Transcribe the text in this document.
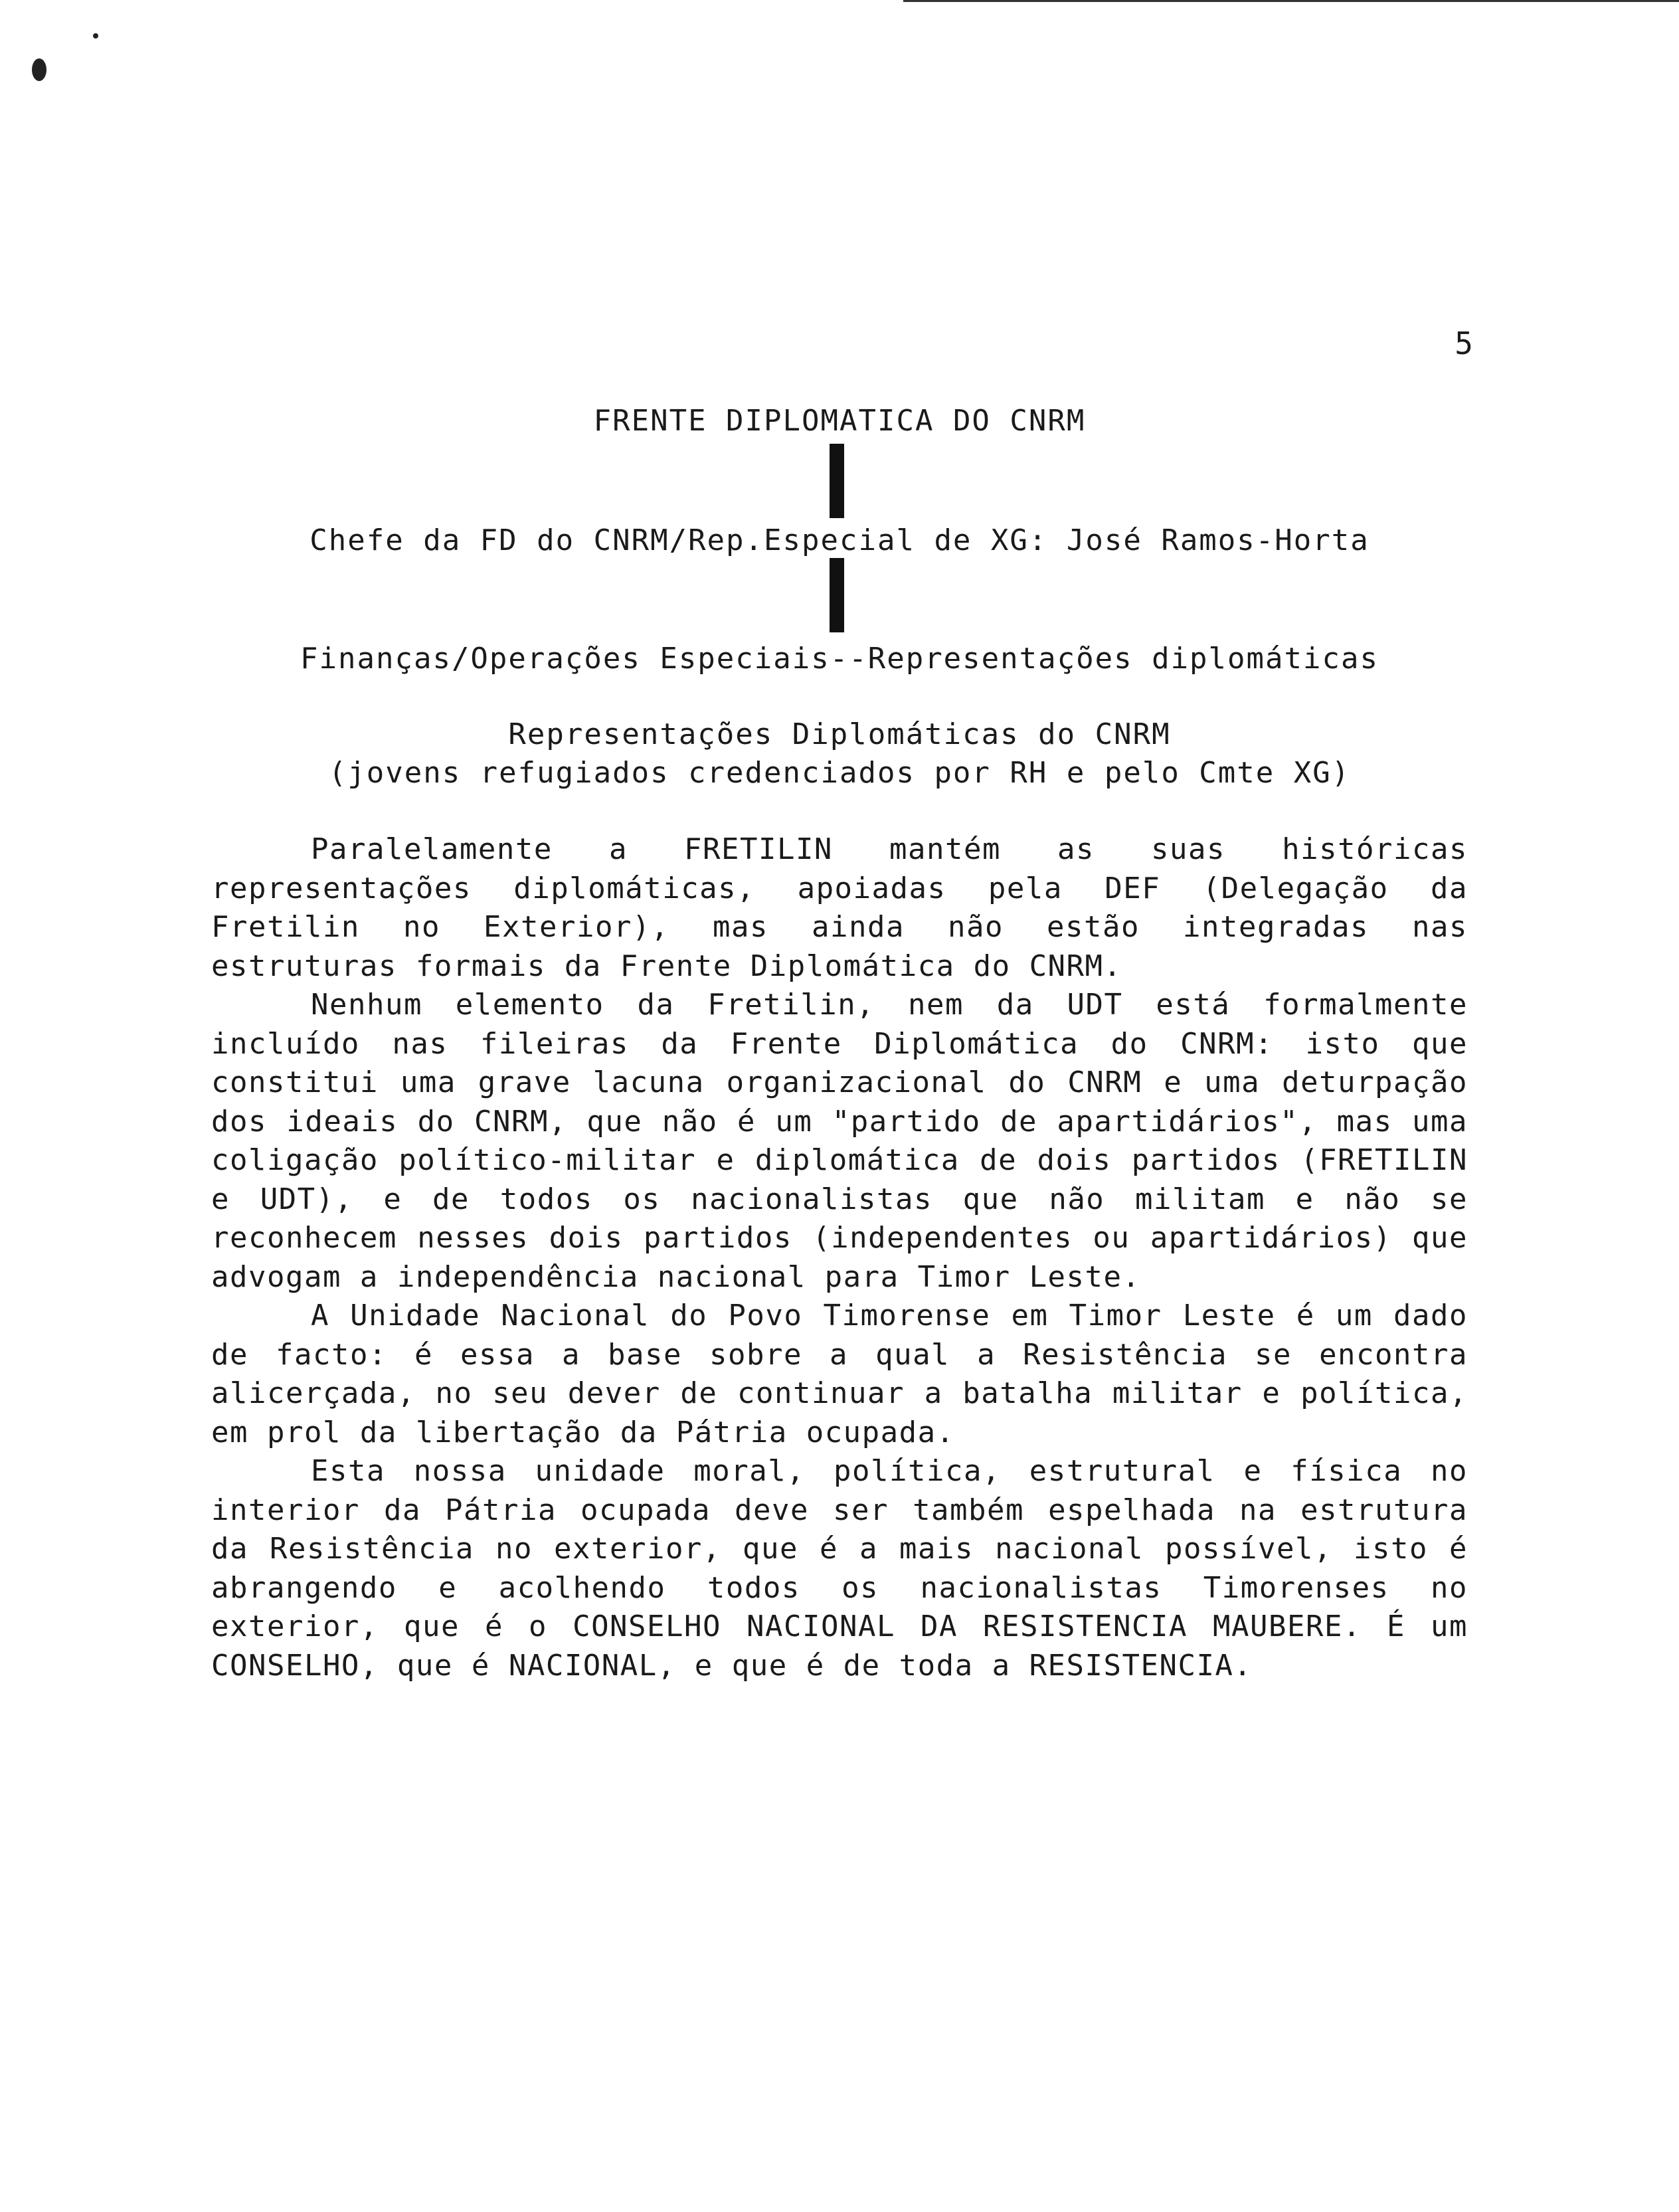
5
FRENTE DIPLOMATICA DO CNRM
Chefe da FD do CNRM/Rep.Especial de XG: José Ramos-Horta
Finanças/Operações Especiais--Representações diplomáticas
Representações Diplomáticas do CNRM
(jovens refugiados credenciados por RH e pelo Cmte XG)

Paralelamente a FRETILIN mantém as suas históricas representações diplomáticas, apoiadas pela DEF (Delegação da Fretilin no Exterior), mas ainda não estão integradas nas estruturas formais da Frente Diplomática do CNRM.

Nenhum elemento da Fretilin, nem da UDT está formalmente incluído nas fileiras da Frente Diplomática do CNRM: isto que constitui uma grave lacuna organizacional do CNRM e uma deturpação dos ideais do CNRM, que não é um "partido de apartidários", mas uma coligação político-militar e diplomática de dois partidos (FRETILIN e UDT), e de todos os nacionalistas que não militam e não se reconhecem nesses dois partidos (independentes ou apartidários) que advogam a independência nacional para Timor Leste.

A Unidade Nacional do Povo Timorense em Timor Leste é um dado de facto: é essa a base sobre a qual a Resistência se encontra alicerçada, no seu dever de continuar a batalha militar e política, em prol da libertação da Pátria ocupada.

Esta nossa unidade moral, política, estrutural e física no interior da Pátria ocupada deve ser também espelhada na estrutura da Resistência no exterior, que é a mais nacional possível, isto é abrangendo e acolhendo todos os nacionalistas Timorenses no exterior, que é o CONSELHO NACIONAL DA RESISTENCIA MAUBERE. É um CONSELHO, que é NACIONAL, e que é de toda a RESISTENCIA.
